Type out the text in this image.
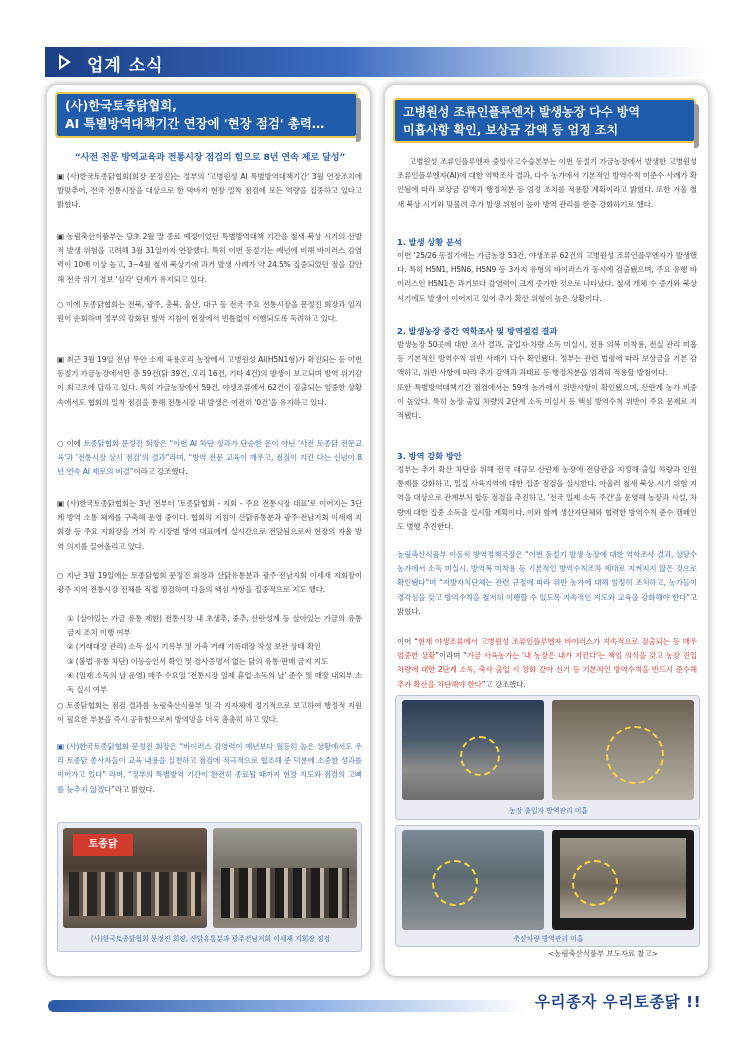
업계 소식
(사)한국토종닭협회,
AI 특별방역대책기간 연장에 '현장 점검' 총력…
“사전 전문 방역교육과 전통시장 점검의 힘으로 8년 연속 제로 달성”
▣ (사)한국토종닭협회(회장 문정진)는 정부의 '고병원성 AI 특별방역대책기간' 3월 연장조치에 발맞추어, 전국 전통시장을 대상으로 한 막바지 현장 밀착 점검에 모든 역량을 집중하고 있다고 밝혔다.
▣ 농림축산식품부는 당초 2월 말 종료 예정이었던 특별방역대책 기간을 철새 북상 시기의 산발적 발생 위험을 고려해 3월 31일까지 연장했다. 특히 이번 동절기는 예년에 비해 바이러스 감염력이 10배 이상 높고, 3~4월 철새 북상기에 과거 발생 사례가 약 24.5% 집중되었던 점을 감안해 전국 위기 경보 '심각' 단계가 유지되고 있다.
○ 이에 토종닭협회는 전북, 광주, 충북, 울산, 대구 등 전국 주요 전통시장을 문정진 회장과 임직원이 순회하며 정부의 강화된 방역 지침이 현장에서 빈틈없이 이행되도록 독려하고 있다.
▣ 최근 3월 19일 전남 무안 소재 육용오리 농장에서 고병원성 AI(H5N1형)가 확진되는 등 이번 동절기 가금농장에서만 총 59건(닭 39건, 오리 16건, 기타 4건)의 발생이 보고되며 방역 위기감이 최고조에 달하고 있다. 특히 가금농장에서 59건, 야생조류에서 62건이 검출되는 엄중한 상황 속에서도 협회의 밀착 점검을 통해 전통시장 내 발생은 여전히 '0건'을 유지하고 있다.
○ 이에 토종닭협회 문정진 회장은 “이번 AI 차단 성과가 단순한 운이 아닌 '사전 토종닭 전문교육'과 '전통시장 상시 점검'의 결과”라며, “방역 전문 교육이 깨우고, 점검이 지킨 다는 신념이 8년 연속 AI 제로의 비결”이라고 강조했다.
▣ (사)한국토종닭협회는 3년 전부터 '토종닭협회 - 지회 - 주요 전통시장 대표'로 이어지는 3단계 방역 소통 체계를 구축해 운영 중이다. 협회의 지침이 산닭유통분과 광주·전남지회 이세재 지회장 등 주요 지회장을 거쳐 각 시장별 방역 대표에게 실시간으로 전달됨으로써 현장의 자율 방역 의지를 끌어올리고 있다.
○ 지난 3월 19일에는 토종닭협회 문정진 회장과 산닭유통분과 광주·전남지회 이세재 지회장이 광주 지역 전통시장 전체를 직접 점검하며 다음의 핵심 사항을 집중적으로 지도 했다.
① (살아있는 가금 유통 제한) 전통시장 내 초생추, 중추, 산란성계 등 살아있는 가금의 유통 금지 조치 이행 여부
② (거래대장 관리) 소독 실시 기록부 및 가축 거래 기록대장 작성 보관 상태 확인
③ (불법 유통 차단) 이동승인서 확인 및 검사증명서 없는 닭의 유통·판매 금지 지도
④ (일제 소독의 날 운영) 매주 수요일 '전통시장 일제 휴업·소독의 날' 준수 및 매장 내외부 소독 실시 여부
○ 토종닭협회는 점검 결과를 농림축산식품부 및 각 지자체에 정기적으로 보고하여 행정적 지원이 필요한 부분을 즉시 공유함으로써 방역망을 더욱 촘촘히 하고 있다.
▣ (사)한국토종닭협회 문정진 회장은 “바이러스 감염력이 예년보다 월등히 높은 상황에서도 우리 토종닭 종사자들이 교육 내용을 실천하고 점검에 적극적으로 협조해 준 덕분에 소중한 성과를 이어가고 있다” 라며, “정부의 특별방역 기간이 완전히 종료될 때까지 현장 지도와 점검의 고삐를 늦추지 않겠다”라고 밝혔다.
토종닭
(사)한국토종닭협회 문정진 회장, 산닭유통분과 광주전남지회 이세재 지회장 점검
고병원성 조류인플루엔자 발생농장 다수 방역
미흡사항 확인, 보상금 감액 등 엄정 조치
고병원성 조류인플루엔자 중앙사고수습본부는 이번 동절기 가금농장에서 발생한 고병원성 조류인플루엔자(AI)에 대한 역학조사 결과, 다수 농가에서 기본적인 방역수칙 미준수 사례가 확인됨에 따라 보상금 감액과 행정처분 등 엄정 조치를 적용할 계획이라고 밝혔다. 또한 겨울 철새 북상 시기와 맞물려 추가 발생 위험이 높아 방역 관리를 한층 강화하기로 했다.
1. 발생 상황 분석
이번 '25/26 동절기에는 가금농장 53건, 야생조류 62건의 고병원성 조류인플루엔자가 발생했다. 특히 H5N1, H5N6, H5N9 등 3가지 유형의 바이러스가 동시에 검출됐으며, 주요 유행 바이러스인 H5N1은 과거보다 감염력이 크게 증가한 것으로 나타났다. 철새 개체 수 증가와 북상 시기에도 발생이 이어지고 있어 추가 확산 위험이 높은 상황이다.
2. 발생농장 중간 역학조사 및 방역점검 결과
발생농장 50곳에 대한 조사 결과, 출입자·차량 소독 미실시, 전용 의복 미착용, 전실 관리 미흡 등 기본적인 방역수칙 위반 사례가 다수 확인됐다. 정부는 관련 법령에 따라 보상금을 기본 감액하고, 위반 사항에 따라 추가 감액과 과태료 등 행정처분을 엄격히 적용할 방침이다.
또한 특별방역대책기간 점검에서는 59개 농가에서 위반사항이 확인됐으며, 산란계 농가 비중이 높았다. 특히 농장 출입 차량의 2단계 소독 미실시 등 핵심 방역수칙 위반이 주요 문제로 지적됐다.
3. 방역 강화 방안
정부는 추가 확산 차단을 위해 전국 대규모 산란계 농장에 전담관을 지정해 출입 차량과 인원 통제를 강화하고, 밀집 사육지역에 대한 집중 점검을 실시한다. 아울러 철새 북상 시기 위험 지역을 대상으로 관계부처 합동 점검을 추진하고, '전국 일제 소독 주간'을 운영해 농장과 시설, 차량에 대한 집중 소독을 실시할 계획이다. 이와 함께 생산자단체와 협력한 방역수칙 준수 캠페인도 병행 추진한다.
농림축산식품부 이동식 방역정책국장은 “이번 동절기 발생 농장에 대한 역학조사 결과, 상당수 농가에서 소독 미실시, 방역복 미착용 등 기본적인 방역수칙조차 제대로 지켜지지 않은 것으로 확인됐다”며 “지방자치단체는 관련 규정에 따라 위반 농가에 대해 엄정히 조치하고, 농가들이 경각심을 갖고 방역수칙을 철저히 이행할 수 있도록 지속적인 지도와 교육을 강화해야 한다”고 밝혔다.
이어 “현재 야생조류에서 고병원성 조류인플루엔자 바이러스가 지속적으로 검출되는 등 매우 엄중한 상황”이라며 “가금 사육농가는 '내 농장은 내가 지킨다'는 책임 의식을 갖고 농장 진입 차량에 대한 2단계 소독, 축사 출입 시 장화 갈아 신기 등 기본적인 방역수칙을 반드시 준수해 추가 확산을 차단해야 한다”고 강조했다.
농장 출입자 방역관리 미흡
축산차량 방역관리 미흡
<농림축산식품부 보도자료 참고>
우리종자 우리토종닭 !!
